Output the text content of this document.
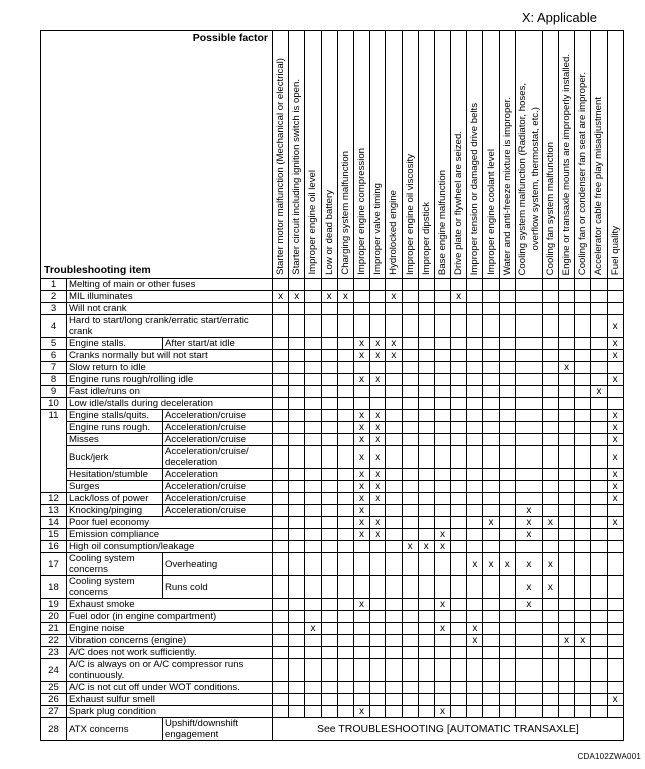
X: Applicable
Possible factor
Troubleshooting item			Starter motor malfunction (Mechanical or electrical)	Starter circuit including ignition switch is open.	Improper engine oil level	Low or dead battery	Charging system malfunction	Improper engine compression	Improper valve timing	Hydrolocked engine	Improper engine oil viscosity	Improper dipstick	Base engine malfunction	Drive plate or flywheel are seized.	Improper tension or damaged drive belts	Improper engine coolant level	Water and anti-freeze mixture is improper.	Cooling system malfunction (Radiator, hoses, overflow system, thermostat, etc.)	Cooling fan system malfunction	Engine or transaxle mounts are improperly installed.	Cooling fan or condenser fan seat are improper.	Accelerator cable free play misadjustment	Fuel quality

1	Melting of main or other fuses																						
2	MIL illuminates		x	x		x	x			x				x									
3	Will not crank																						
4	Hard to start/long crank/erratic start/erratic crank																						x
5	Engine stalls.	After start/at idle						x	x	x													x
6	Cranks normally but will not start							x	x	x													x
7	Slow return to idle																			x			
8	Engine runs rough/rolling idle							x	x														x
9	Fast idle/runs on																					x	
10	Low idle/stalls during deceleration																						
11	Engine stalls/quits.	Acceleration/cruise						x	x														x
	Engine runs rough.	Acceleration/cruise						x	x														x
	Misses	Acceleration/cruise						x	x														x
	Buck/jerk	Acceleration/cruise/ deceleration						x	x														x
	Hesitation/stumble	Acceleration						x	x														x
	Surges	Acceleration/cruise						x	x														x
12	Lack/loss of power	Acceleration/cruise						x	x														x
13	Knocking/pinging	Acceleration/cruise						x										x					
14	Poor fuel economy							x	x							x		x	x				x
15	Emission compliance							x	x				x					x					
16	High oil consumption/leakage										x	x	x										
17	Cooling system concerns	Overheating													x	x	x	x	x				
18	Cooling system concerns	Runs cold																x	x				
19	Exhaust smoke							x					x					x					
20	Fuel odor (in engine compartment)																						
21	Engine noise				x								x		x								
22	Vibration concerns (engine)														x					x	x		
23	A/C does not work sufficiently.																						
24	A/C is always on or A/C compressor runs continuously.																						
25	A/C is not cut off under WOT conditions.																						
26	Exhaust sulfur smell																						x
27	Spark plug condition							x					x										
28	ATX concerns	Upshift/downshift engagement	See TROUBLESHOOTING [AUTOMATIC TRANSAXLE]																				
CDA102ZWA001
